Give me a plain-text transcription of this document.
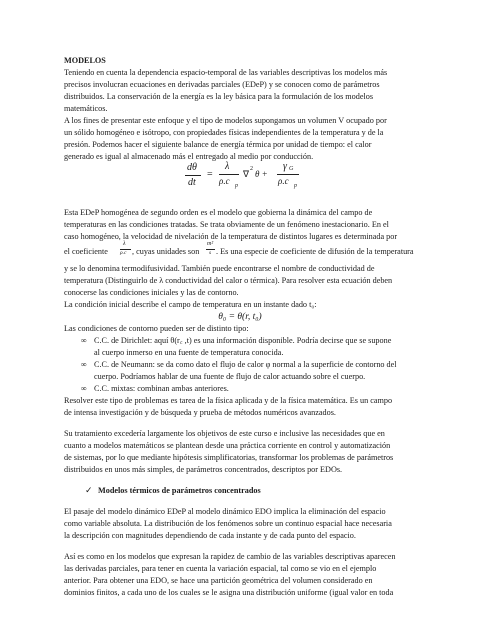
MODELOS

Teniendo en cuenta la dependencia espacio-temporal de las variables descriptivas los modelos más

precisos involucran ecuaciones en derivadas parciales (EDeP) y se conocen como de parámetros

distribuidos. La conservación de la energía es la ley básica para la formulación de los modelos

matemáticos.

A los fines de presentar este enfoque y el tipo de modelos supongamos un volumen V ocupado por

un sólido homogéneo e isótropo, con propiedades físicas independientes de la temperatura y de la

presión. Podemos hacer el siguiente balance de energía térmica por unidad de tiempo: el calor

generado es igual al almacenado más el entregado al medio por conducción.

dθ
dt
=
λ
ρ.c p
∇ 2 θ +
γ G
ρ.c p

Esta EDeP homogénea de segundo orden es el modelo que gobierna la dinámica del campo de

temperaturas en las condiciones tratadas. Se trata obviamente de un fenómeno inestacionario. En el

caso homogéneo, la velocidad de nivelación de la temperatura de distintos lugares es determinada por

el coeficiente
λ
ρ.c , cuyas unidades son
m²
s . Es una especie de coeficiente de difusión de la temperatura

y se lo denomina termodifusividad. También puede encontrarse el nombre de conductividad de

temperatura (Distinguirlo de λ conductividad del calor o térmica). Para resolver esta ecuación deben

conocerse las condiciones iniciales y las de contorno.

La condición inicial describe el campo de temperatura en un instante dado t₀:

θ₀ = θ(r, t₀)

Las condiciones de contorno pueden ser de distinto tipo:

∞ C.C. de Dirichlet: aquí θ(r꜀ ,t) es una información disponible. Podría decirse que se supone

al cuerpo inmerso en una fuente de temperatura conocida.

∞ C.C. de Neumann: se da como dato el flujo de calor φ normal a la superficie de contorno del

cuerpo. Podríamos hablar de una fuente de flujo de calor actuando sobre el cuerpo.

∞ C.C. mixtas: combinan ambas anteriores.

Resolver este tipo de problemas es tarea de la física aplicada y de la física matemática. Es un campo

de intensa investigación y de búsqueda y prueba de métodos numéricos avanzados.

Su tratamiento excedería largamente los objetivos de este curso e inclusive las necesidades que en

cuanto a modelos matemáticos se plantean desde una práctica corriente en control y automatización

de sistemas, por lo que mediante hipótesis simplificatorias, transformar los problemas de parámetros

distribuidos en unos más simples, de parámetros concentrados, descriptos por EDOs.

✓ Modelos térmicos de parámetros concentrados

El pasaje del modelo dinámico EDeP al modelo dinámico EDO implica la eliminación del espacio

como variable absoluta. La distribución de los fenómenos sobre un continuo espacial hace necesaria

la descripción con magnitudes dependiendo de cada instante y de cada punto del espacio.

Así es como en los modelos que expresan la rapidez de cambio de las variables descriptivas aparecen

las derivadas parciales, para tener en cuenta la variación espacial, tal como se vio en el ejemplo

anterior. Para obtener una EDO, se hace una partición geométrica del volumen considerado en

dominios finitos, a cada uno de los cuales se le asigna una distribución uniforme (igual valor en toda
